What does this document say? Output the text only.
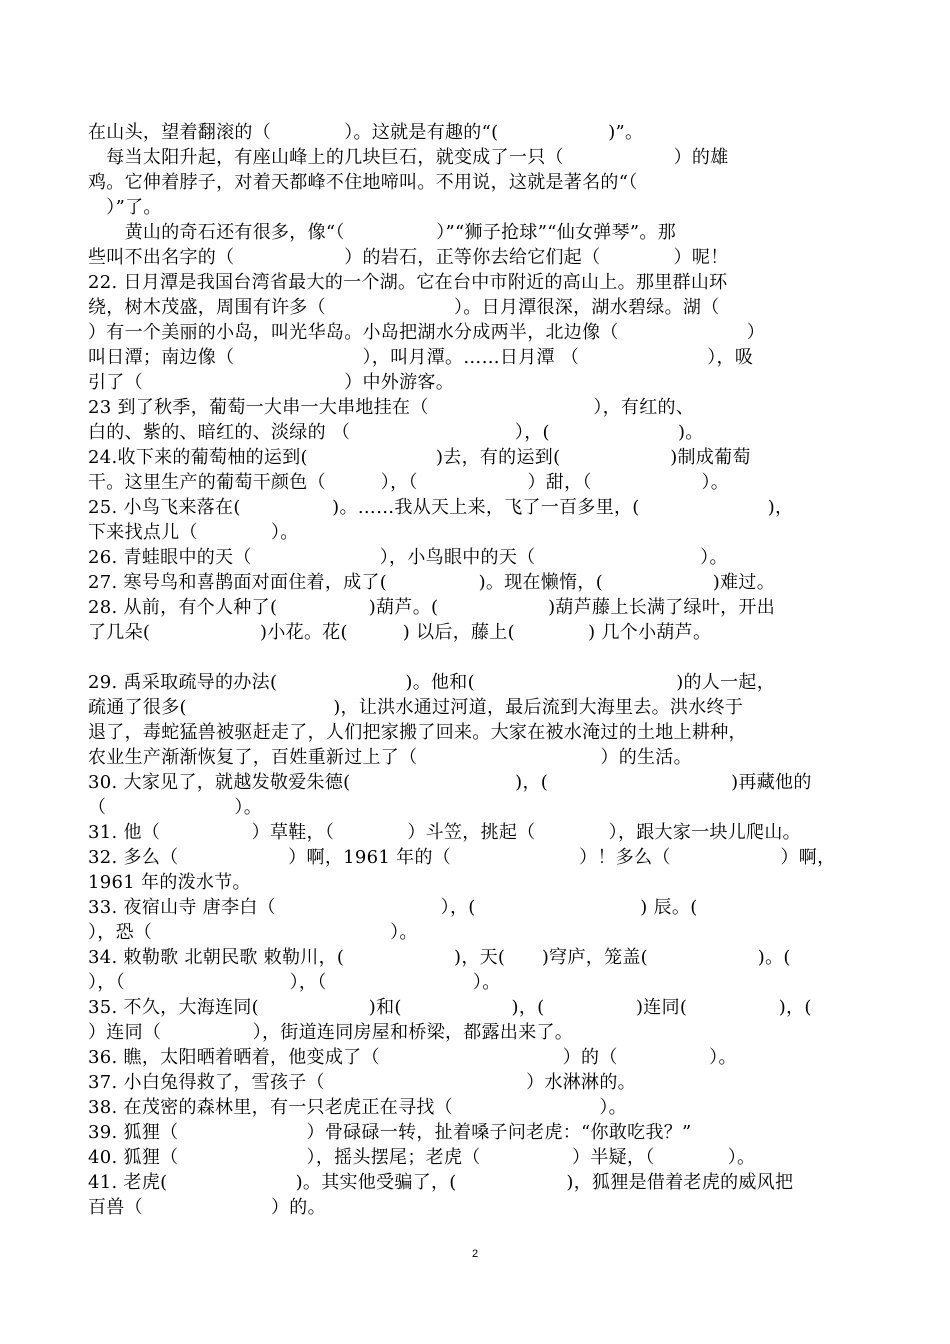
在山头，望着翻滚的（　　　　）。这就是有趣的“(　　　　　　)”。
　每当太阳升起，有座山峰上的几块巨石，就变成了一只（　　　　　　）的雄
鸡。它伸着脖子，对着天都峰不住地啼叫。不用说，这就是著名的“（
　）”了。
　　黄山的奇石还有很多，像“（　　　　　）”“狮子抢球”“仙女弹琴”。那
些叫不出名字的（　　　　　　）的岩石，正等你去给它们起（　　　　）呢！
22. 日月潭是我国台湾省最大的一个湖。它在台中市附近的高山上。那里群山环
绕，树木茂盛，周围有许多（　　　　　　　）。日月潭很深，湖水碧绿。湖（
）有一个美丽的小岛，叫光华岛。小岛把湖水分成两半，北边像（　　　　　　　）
叫日潭；南边像（　　　　　　　），叫月潭。……日月潭 （　　　　　　　），吸
引了（　　　　　　　　　　　）中外游客。
23 到了秋季，葡萄一大串一大串地挂在（　　　　　　　　　），有红的、
白的、紫的、暗红的、淡绿的 （　　　　　　　　　），(　　　　　　　)。
24.收下来的葡萄柚的运到(　　　　　　　)去，有的运到(　　　　　　)制成葡萄
干。这里生产的葡萄干颜色（　　　），（　　　　　　）甜，（　　　　　　）。
25. 小鸟飞来落在(　　　　　)。……我从天上来，飞了一百多里，(　　　　　　　)，
下来找点儿（　　　　）。
26. 青蛙眼中的天（　　　　　　　），小鸟眼中的天（　　　　　　　　　）。
27. 寒号鸟和喜鹊面对面住着，成了(　　　　　)。现在懒惰，(　　　　　　)难过。
28. 从前，有个人种了(　　　　　)葫芦。(　　　　　　)葫芦藤上长满了绿叶，开出
了几朵(　　　　　　)小花。花(　　　) 以后，藤上(　　　　) 几个小葫芦。
29. 禹采取疏导的办法(　　　　　　　)。他和(　　　　　　　　　　　)的人一起，
疏通了很多(　　　　　　　　)，让洪水通过河道，最后流到大海里去。洪水终于
退了，毒蛇猛兽被驱赶走了，人们把家搬了回来。大家在被水淹过的土地上耕种，
农业生产渐渐恢复了，百姓重新过上了（　　　　　　　　　　）的生活。
30. 大家见了，就越发敬爱朱德(　　　　　　　　　)，(　　　　　　　　　　)再藏他的
（　　　　　　　）。
31. 他（　　　　　）草鞋，（　　　　）斗笠，挑起（　　　　），跟大家一块儿爬山。
32. 多么（　　　　　　）啊，1961 年的（　　　　　　　）！多么（　　　　　　）啊，
1961 年的泼水节。
33. 夜宿山寺 唐李白（　　　　　　　　　），(　　　　　　　　　) 辰。(
），恐（　　　　　　　　　　　　　）。
34. 敕勒歌 北朝民歌 敕勒川，(　　　　　　)，天(　　)穹庐，笼盖(　　　　　　)。(
），（　　　　　　　　　），（　　　　　　　　）。
35. 不久，大海连同(　　　　　　)和(　　　　　　)，(　　　　　)连同(　　　　　)，(
）连同（　　　　　），街道连同房屋和桥梁，都露出来了。
36. 瞧，太阳晒着晒着，他变成了（　　　　　　　　　　）的（　　　　　）。
37. 小白兔得救了，雪孩子（　　　　　　　　　　　）水淋淋的。
38. 在茂密的森林里，有一只老虎正在寻找（　　　　　　　　）。
39. 狐狸（　　　　　　　）骨碌碌一转，扯着嗓子问老虎：“你敢吃我？”
40. 狐狸（　　　　　　　），摇头摆尾；老虎（　　　　　）半疑，（　　　　）。
41. 老虎(　　　　　　　)。其实他受骗了，(　　　　　　)，狐狸是借着老虎的威风把
百兽（　　　　　　　）的。
2
